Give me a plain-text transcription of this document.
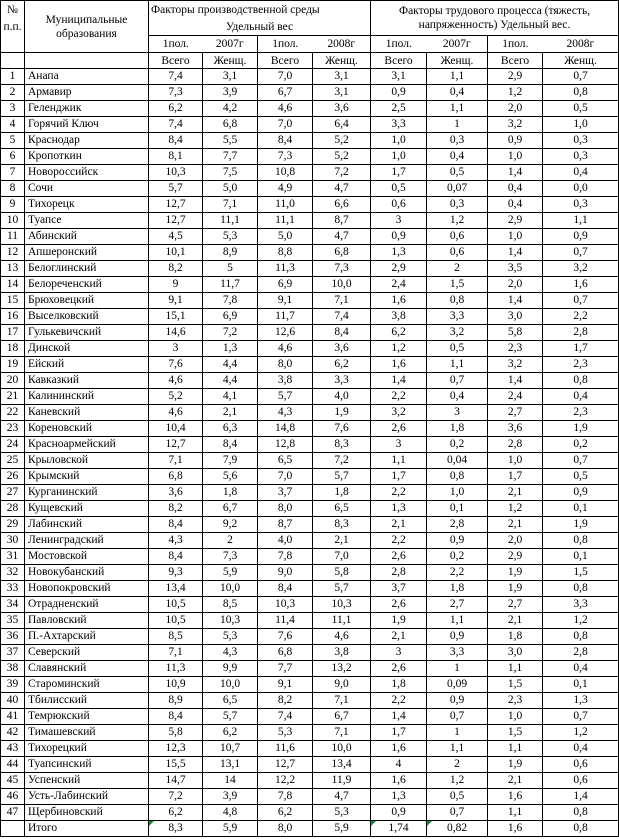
№	Муниципальные образования	Факторы производственной среды				Факторы трудового процесса (тяжесть, напряженность) Удельный вес.			
п.п.		Удельный вес							
		1пол.	2007г	1пол.	2008г	1пол.	2007г	1пол.	2008г
		Всего	Женщ.	Всего	Женщ.	Всего	Женщ.	Всего	Женщ.
1	Анапа	7,4	3,1	7,0	3,1	3,1	1,1	2,9	0,7
2	Армавир	7,3	3,9	6,7	3,1	0,9	0,4	1,2	0,8
3	Геленджик	6,2	4,2	4,6	3,6	2,5	1,1	2,0	0,5
4	Горячий Ключ	7,4	6,8	7,0	6,4	3,3	1	3,2	1,0
5	Краснодар	8,4	5,5	8,4	5,2	1,0	0,3	0,9	0,3
6	Кропоткин	8,1	7,7	7,3	5,2	1,0	0,4	1,0	0,3
7	Новороссийск	10,3	7,5	10,8	7,2	1,7	0,5	1,4	0,4
8	Сочи	5,7	5,0	4,9	4,7	0,5	0,07	0,4	0,0
9	Тихорецк	12,7	7,1	11,0	6,6	0,6	0,3	0,4	0,3
10	Туапсе	12,7	11,1	11,1	8,7	3	1,2	2,9	1,1
11	Абинский	4,5	5,3	5,0	4,7	0,9	0,6	1,0	0,9
12	Апшеронский	10,1	8,9	8,8	6,8	1,3	0,6	1,4	0,7
13	Белоглинский	8,2	5	11,3	7,3	2,9	2	3,5	3,2
14	Белореченский	9	11,7	6,9	10,0	2,4	1,5	2,0	1,6
15	Брюховецкий	9,1	7,8	9,1	7,1	1,6	0,8	1,4	0,7
16	Выселковский	15,1	6,9	11,7	7,4	3,8	3,3	3,0	2,2
17	Гулькевичский	14,6	7,2	12,6	8,4	6,2	3,2	5,8	2,8
18	Динской	3	1,3	4,6	3,6	1,2	0,5	2,3	1,7
19	Ейский	7,6	4,4	8,0	6,2	1,6	1,1	3,2	2,3
20	Кавказкий	4,6	4,4	3,8	3,3	1,4	0,7	1,4	0,8
21	Калининский	5,2	4,1	5,7	4,0	2,2	0,4	2,4	0,4
22	Каневский	4,6	2,1	4,3	1,9	3,2	3	2,7	2,3
23	Кореновский	10,4	6,3	14,8	7,6	2,6	1,8	3,6	1,9
24	Красноармейский	12,7	8,4	12,8	8,3	3	0,2	2,8	0,2
25	Крыловской	7,1	7,9	6,5	7,2	1,1	0,04	1,0	0,7
26	Крымский	6,8	5,6	7,0	5,7	1,7	0,8	1,7	0,5
27	Курганинский	3,6	1,8	3,7	1,8	2,2	1,0	2,1	0,9
28	Кущевский	8,2	6,7	8,0	6,5	1,3	0,1	1,2	0,1
29	Лабинский	8,4	9,2	8,7	8,3	2,1	2,8	2,1	1,9
30	Ленинградский	4,3	2	4,0	2,1	2,2	0,9	2,0	0,8
31	Мостовской	8,4	7,3	7,8	7,0	2,6	0,2	2,9	0,1
32	Новокубанский	9,3	5,9	9,0	5,8	2,8	2,2	1,9	1,5
33	Новопокровский	13,4	10,0	8,4	5,7	3,7	1,8	1,9	0,8
34	Отрадненский	10,5	8,5	10,3	10,3	2,6	2,7	2,7	3,3
35	Павловский	10,5	10,3	11,4	11,1	1,9	1,1	2,1	1,2
36	П.-Ахтарский	8,5	5,3	7,6	4,6	2,1	0,9	1,8	0,8
37	Северский	7,1	4,3	6,8	3,8	3	3,3	3,0	2,8
38	Славянский	11,3	9,9	7,7	13,2	2,6	1	1,1	0,4
39	Староминский	10,9	10,0	9,1	9,0	1,8	0,09	1,5	0,1
40	Тбилисский	8,9	6,5	8,2	7,1	2,2	0,9	2,3	1,3
41	Темрюкский	8,4	5,7	7,4	6,7	1,4	0,7	1,0	0,7
42	Тимашевский	5,8	6,2	5,3	7,1	1,7	1	1,5	1,2
43	Тихорецкий	12,3	10,7	11,6	10,0	1,6	1,1	1,1	0,4
44	Туапсинский	15,5	13,1	12,7	13,4	4	2	1,9	0,6
45	Успенский	14,7	14	12,2	11,9	1,6	1,2	2,1	0,6
46	Усть-Лабинский	7,2	3,9	7,8	4,7	1,3	0,5	1,6	1,4
47	Щербиновский	6,2	4,8	6,2	5,3	0,9	0,7	1,1	0,8
	Итого	8,3	5,9	8,0	5,9	1,74	0,82	1,6	0,8
